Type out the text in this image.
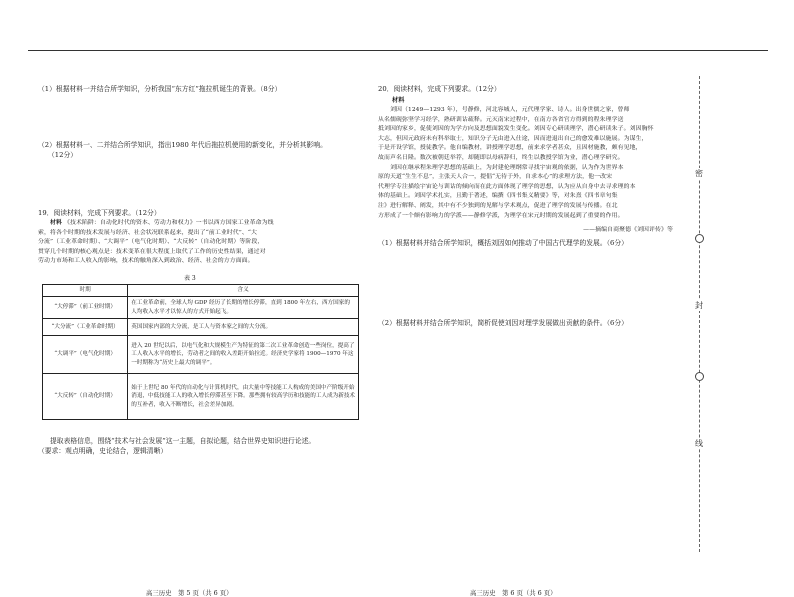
（1）根据材料一并结合所学知识，分析我国“东方红”拖拉机诞生的背景。（8分）
（2）根据材料一、二并结合所学知识，指出1980 年代后拖拉机使用的新变化，并分析其影响。
（12分）
19．阅读材料，完成下列要求。（12分）
材料 《技术陷阱：自动化时代的资本、劳动力和权力》一书以西方国家工业革命为线
索，将各个时期的技术发展与经济、社会状况联系起来，提出了“前工业时代”、“大
分流”（工业革命时期）、“大调平”（电气化时期）、“大反转”（自动化时期）等阶段，
贯穿几个时期的核心观点是：技术变革在很大程度上取代了工作的历史性结果，通过对
劳动力市场和工人收入的影响，技术的触角深入到政治、经济、社会的方方面面。
表 3
时期	含义
“大停滞”（前工业时期）	在工业革命前，全球人均 GDP 经历了长期的增长停滞，直到 1800 年左右，西方国家的人均收入水平才以惊人的方式开始起飞。
“大分流”（工业革命时期）	英国国家内部的大分流，是工人与资本家之间的大分流。
“大调平”（电气化时期）	进入 20 世纪以后，以电气化和大规模生产为特征的第二次工业革命创造一些岗位，提高了工人收入水平的增长，劳动者之间的收入差距开始拉近。经济史学家将 1900—1970 年这一时期称为“历史上最大的调平”。
“大反转”（自动化时期）	始于上世纪 80 年代的自动化与计算机时代，由大量中等技能工人构成的美国中产阶级开始消退，中低技能工人的收入增长停滞甚至下降。那些拥有较高学历和技能的工人成为新技术的互补者，收入不断增长，社会差异加剧。
提取表格信息，围绕“技术与社会发展”这一主题，自拟论题，结合世界史知识进行论述。
（要求：观点明确，史论结合，逻辑清晰）
高三历史　第 5 页（共 6 页）
20．阅读材料，完成下列要求。（12分）
材料
刘因（1249—1293 年），号静修，河北容城人，元代理学家、诗人。出身世儒之家，曾师
从名儒砚弥坚学习经学，熟研训诂疏释。元灭南宋过程中，在南方各省官方得到的程朱理学送
抵刘因的家乡，促使刘因的为学方向及思想面貌发生变化。刘因专心研读理学，潜心研读朱子。刘因胸怀
大志，但因元政府未有科举取士，知识分子无由进入仕途，因而进退出自己的愈发难以施展。为谋生，
于是开设学馆，授徒教学。他自编教材，讲授理学思想，前来求学者甚众，且因材施教，颇有见地，
故而声名日隆。数次被朝廷举荐，却随即以母病辞归，终生以教授学馆为业，潜心理学研究。
刘因在继承程朱理学思想的基础上，为封建伦理纲常寻找宇宙观的依据，认为作为世界本
原的天道“生生不息”，主张天人合一，提倡“无待于外，自求本心”的求理方法，他一改宋
代理学专注描绘宇宙论与训诂的倾向而在此方面体现了理学的思想，认为应从自身中去寻求理的本
体的基础上。刘因学术扎实，且勤于著述，编撰《四书集义精要》等，对朱熹《四书章句集
注》进行解释、阐发，其中有不少独到的见解与学术观点，促进了理学的发展与传播。在北
方形成了一个颇有影响力的学派——静修学派，为理学在宋元时期的发展起到了重要的作用。
——摘编自商聚德《刘因评传》等
（1）根据材料并结合所学知识，概括刘因如何推动了中国古代理学的发展。（6分）
（2）根据材料并结合所学知识，简析促使刘因对理学发展做出贡献的条件。（6分）
高三历史　第 6 页（共 6 页）
密
封
线
